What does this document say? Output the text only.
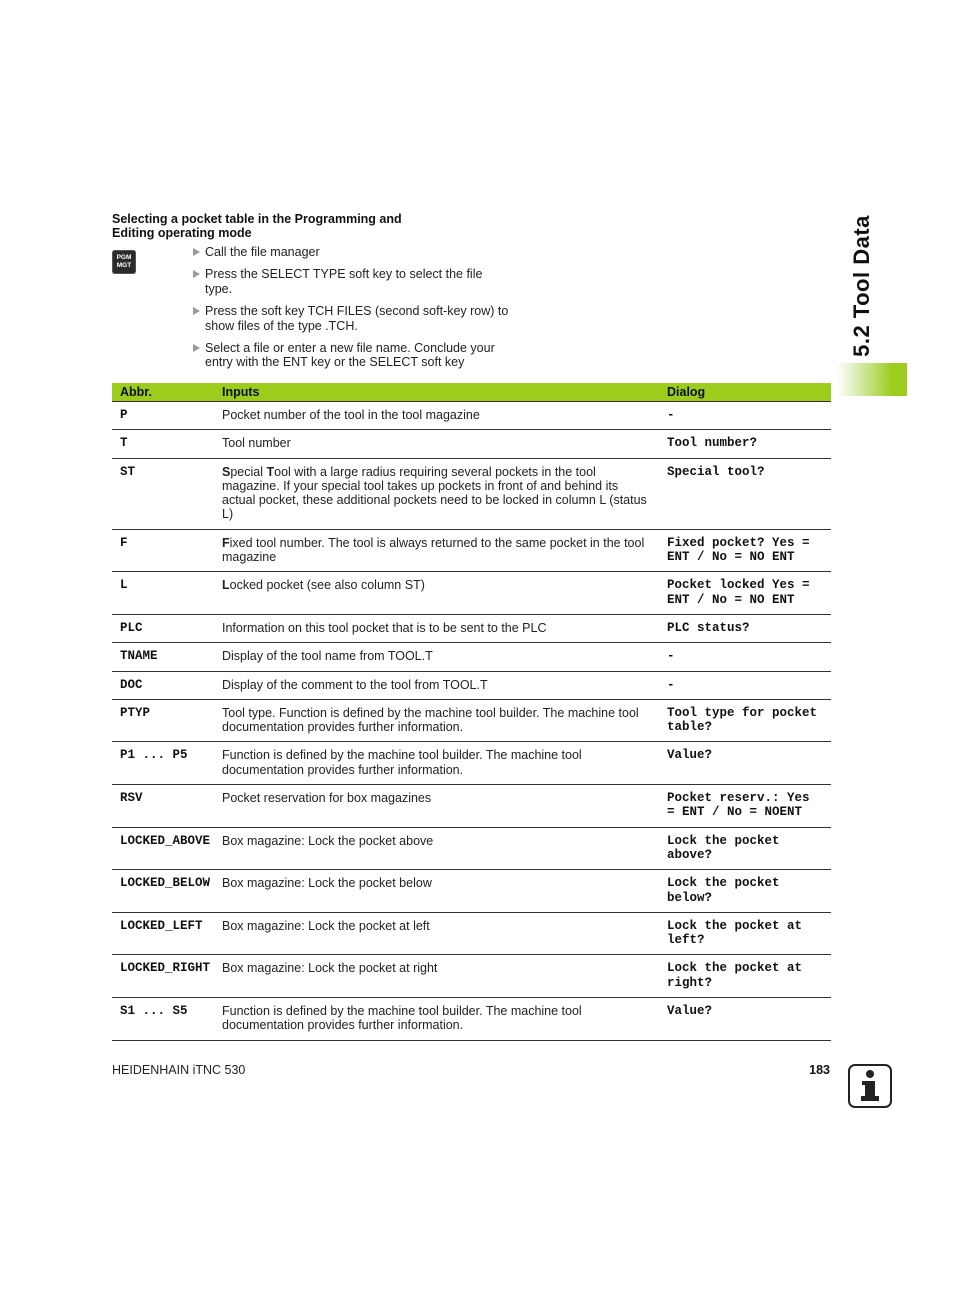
Selecting a pocket table in the Programming and
Editing operating mode
PGM
MGT
Call the file manager
Press the SELECT TYPE soft key to select the file type.
Press the soft key TCH FILES (second soft-key row) to show files of the type .TCH.
Select a file or enter a new file name. Conclude your entry with the ENT key or the SELECT soft key
5.2 Tool Data
Abbr.	Inputs	Dialog
P	Pocket number of the tool in the tool magazine	-
T	Tool number	Tool number?
ST	Special Tool with a large radius requiring several pockets in the tool magazine. If your special tool takes up pockets in front of and behind its actual pocket, these additional pockets need to be locked in column L (status L)	Special tool?
F	Fixed tool number. The tool is always returned to the same pocket in the tool magazine	Fixed pocket? Yes = ENT / No = NO ENT
L	Locked pocket (see also column ST)	Pocket locked Yes = ENT / No = NO ENT
PLC	Information on this tool pocket that is to be sent to the PLC	PLC status?
TNAME	Display of the tool name from TOOL.T	-
DOC	Display of the comment to the tool from TOOL.T	-
PTYP	Tool type. Function is defined by the machine tool builder. The machine tool documentation provides further information.	Tool type for pocket table?
P1 ... P5	Function is defined by the machine tool builder. The machine tool documentation provides further information.	Value?
RSV	Pocket reservation for box magazines	Pocket reserv.: Yes = ENT / No = NOENT
LOCKED_ABOVE	Box magazine: Lock the pocket above	Lock the pocket above?
LOCKED_BELOW	Box magazine: Lock the pocket below	Lock the pocket below?
LOCKED_LEFT	Box magazine: Lock the pocket at left	Lock the pocket at left?
LOCKED_RIGHT	Box magazine: Lock the pocket at right	Lock the pocket at right?
S1 ... S5	Function is defined by the machine tool builder. The machine tool documentation provides further information.	Value?
HEIDENHAIN iTNC 530	183
